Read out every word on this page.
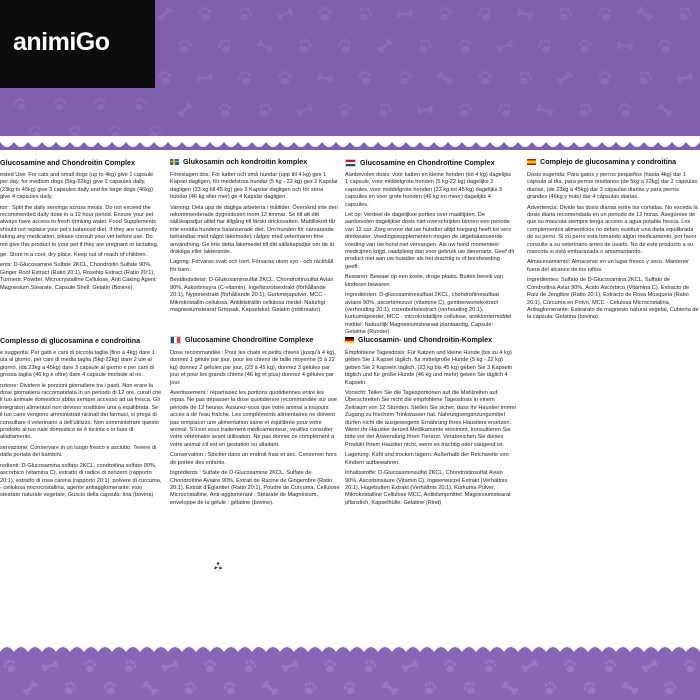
animiGo
Glucosamine and Chondroitin Complex	Glukosamin och kondroitin komplex	Glucosamine en Chondroïtine Complex	Complejo de glucosamina y condroitina

ested Use: For cats and small dogs (up to 4kg) give 1 capsule per day, for medium dogs (5kg-22kg) give 2 capsules daily, (23kg to 45kg) give 3 capsules daily and for large dogs (46kg) give 4 capsules daily.

ion : Split the daily servings across meals. Do not exceed the recommended daily dose in a 12 hour period. Ensure your pet always have access to fresh drinking water. Food Supplements should not replace your pet's balanced diet. If they are currently taking any medication, please consult your vet before use. Do not give this product to your pet if they are pregnant or lactating.

ge: Store in a cool, dry place. Keep out of reach of children.

ents: D-Glucosamine Sulfate 2KCL, Chondroitin Sulfate 90%, Ginger Root Extract (Ratio 20:1), Rosehip Extract (Ratio 20:1), Turmeric Powder, Microcrystalline Cellulose, Anti Caking Agent: Magnesium Stearate, Capsule Shell: Gelatin (Bovine).

Föreslagen dos: För katter och små hundar (upp till 4 kg) ges 1 Kapsel dagligen, för medelstora hundar (5 kg - 22 kg) ges 2 Kapslar dagligen (23 kg till 45 kg) ges 3 Kapslar dagligen och för stora hundar (46 kg eller mer) ge 4 Kapslar dagligen.

Varning: Dela upp de dagliga arbetena i måltider. Överskrid inte den rekommenderade dygnsdosen inom 12 timmar. Se till att ditt sällskapsdjur alltid har tillgång till färskt dricksvatten. Mattillskott får inte ersätta hundens balanserade diet. Om hunden för närvarande behandlas med något läkemedel, rådgör med veterinären före användning. Ge inte detta läkemedel till ditt sällskapsdjur om de är dräktiga eller lakterande.

Lagring: Förvaras svalt och torrt. Förvaras utom syn - och räckhåll för barn.

Beståndsdelar: D-Glukosaminsulfat 2KCL, Chondroitinsulfat Avian 90%, Askorbinsyra (C-vitamin), Ingefärsrotsextrakt (förhållande 20:1), Nyponextrakt (förhållande 20:1), Gurkmejapulver, MCC - Mikrokristallin cellulosa, Antiklistrállin cellulosa medel: Naturligt magnesiumstearat Grönsak, Kapselskal: Gelatin (nötkreatur)

Aanbevolen dosis: voor katten en kleine honden (tot 4 kg) dagelijks 1 capsule, voor middelgrote honden (5 kg-22 kg) dagelijks 2 capsules, voor middelgrote honden (23 kg tot 45 kg) dagelijks 3 capsules en voor grote honden (46 kg en meer) dagelijks 4 capsules.

Let op: Verdeel de dagelijkse porties over maaltijden. De aanbevolen dagelijkse dosis niet overschrijden binnen een periode van 12 uur. Zorg ervoor dat uw huisdier altijd toegang heeft tot vers drinkwater. Voedingssupplementen mogen de uitgebalanceerde voeding van uw hond niet vervangen. Als uw hond momenteel medicijnen krijgt, raadpleeg dan voor gebruik uw dierenarts. Geef dit product niet aan uw huisdier als het drachtig is of borstvoeding geeft.

Bewaren: Bewaar op een koele, droge plaats. Buiten bereik van kinderen bewaren.

Ingrediënten: D-glucosaminesulfaat 2KCL, chondroïtinesulfaat aviaire 90%, ascorbinezuur (vitamine C), gemberwortelextract (verhouding 20:1), rozenbottelextract (verhouding 20:1), kurkumapoeder, MCC - microkristallijne cellulose, antiklontermiddel middel: Natuurlijk Magnesiumstearaat plantaardig, Capsule: Gelatine (Runder)

Dosis sugerida: Para gatos y perros pequeños (hasta 4kg) dar 1 cápsula al día, para perros medianos (de 5kg a 22kg) dar 2 cápsulas diarias, (de 23kg a 45kg) dar 3 cápsulas diarias y para perros grandes (46kg y más) dar 4 cápsulas diarias.

Advertencia: Divide las dosis diarias entre las comidas. No exceda la dosis diaria recomendada en un periodo de 12 horas. Asegúrese de que su mascota siempre tenga acceso a agua potable fresca. Los complementos alimenticios no deben sustituir una dieta equilibrada de su perro. Si su perro está tomando algún medicamento, por favor consulte a su veterinario antes de usarlo. No dé este producto a su mascota si está embarazada o amamantando.

Almacenamiento: Almacenar en un lugar fresco y seco. Mantener fuera del alcance de los niños.

Ingredientes: Sulfato de D-Glucosamina 2KCL, Sulfato de Condroitina Aviar 90%, Ácido Ascórbico (Vitamina C), Extracto de Raíz de Jengibre (Ratio 20:1), Extracto de Rosa Mosqueta (Ratio 20:1), Cúrcuma en Polvo, MCC - Celulosa Microcristalina, Antiaglomerante: Estearato de magnesio natural vegetal, Cubierta de la cápsula: Gelatina (bovina)

Complesso di glucosamina e condroitina	Glucosamine Chondroïtine Complexe	Glucosamin- und Chondroitin-Komplex

e suggerita: Per gatti e cani di piccola taglia (fino a 4kg) dare 1 ula al giorno, per cani di media taglia (5kg-22kg) dare 2 ule al giorno, (da 23kg a 45kg) dare 3 capsule al giorno e per cani di grossa taglia (46 kg e oltre) dare 4 capsule morbide al no.

nzione: Dividere le porzioni giornaliere tra i pasti. Non erare la dose giornaliera raccomandata in un periodo di 12 ore. curati che il tuo animale domestico abbia sempre accesso ad ua fresca. Gli integratori alimentari non devono sostituire una a equilibrata. Se il tuo cane vengono amministrati nicinali dei farmaci, si prega di consultare il veterinario a dell'utilizzo. Non somministrare questo prodotto al tuo nale domestico se è incinta o in fase di allattamento.

servazione: Conservare in un luogo fresco e asciutto. Tenere di dalla portata dei bambini.

redienti: D-Glucosamina solfato 2KCL, condroitina solfato 90%, ascorbico (vitamina C), estratto di radice di zenzero (rapporto 20:1), estratto di rosa canina (rapporto 20:1), polvere di curcuma, - cellulosa microcristallina, agente antiagglomerante: esio stearato naturale vegetale, Guscio della capsula: tina (bovina)

Dose recommandée : Pour les chats et petits chiens (jusqu'à 4 kg), donnez 1 gélule par jour, pour les chiens de taille moyenne (5 à 22 kg) donnez 2 gélules par jour, (23 à 45 kg), donnez 3 gélules par jour et pour les grands chiens (46 kg et plus) donnez 4 gélules par jour.

Avertissement : répartissez les portions quotidiennes entre les repas. Ne pas dépasser la dose quotidienne recommandée sur une période de 12 heures. Assurez-vous que votre animal a toujours accès à de l'eau fraîche. Les compléments alimentaires ne doivent pas remplacer une alimentation saine et équilibrée pour votre animal. S'il est sous traitement médicamenteux, veuillez consulter votre vétérinaire avant utilisation. Ne pas donner ce complément à votre animal s'il est en gestation ou allaitant.

Conservation : Stocker dans un endroit frais et sec. Conserver hors de portée des enfants.

Ingrédients : Sulfate de D-Glucosamine 2KCL, Sulfate de Chondroïtine Aviaire 90%, Extrait de Racine de Gingembre (Ratio 20:1), Extrait d'Églantier (Ratio 20:1), Poudre de Curcuma, Cellulose Microcristalline, Anti-agglomérant : Stéarate de Magnésium, enveloppe de la gélule : gélatine (bovine).

Empfohlene Tagesdosis: Für Katzen und kleine Hunde (bis zu 4 kg) geben Sie 1 Kapsel täglich, für mittelgroße Hunde (5 kg - 22 kg) geben Sie 2 Kapseln täglich, (23 kg bis 45 kg) geben Sie 3 Kapseln täglich und für große Hunde (46 kg und mehr) geben Sie täglich 4 Kapseln.

Vorsicht: Teilen Sie die Tagesportionen auf die Mahlzeiten auf. Überschreiten Sie nicht die empfohlene Tagesdosis in einem Zeitraum von 12 Stunden. Stellen Sie sicher, dass Ihr Haustier immer Zugang zu frischem Trinkwasser hat. Nahrungsergänzungsmittel dürfen nicht die ausgewogene Ernährung Ihres Haustiers ersetzen. Wenn Ihr Haustier derzeit Medikamente einnimmt, konsultieren Sie bitte vor der Anwendung Ihren Tierarzt. Verabreichen Sie dieses Produkt Ihrem Haustier nicht, wenn es trächtig oder säugend ist.

Lagerung: Kühl und trocken lagern. Außerhalb der Reichweite von Kindern aufbewahren.

Inhaltsstoffe: D-Glucosaminsulfat 2KCL, Chondroitinsulfat Avian 90%, Ascorbinsäure (Vitamin C), Ingwerwurzel Extrakt (Verhältnis 20:1), Hagebutten Extrakt (Verhältnis 20:1), Kurkuma Pulver, Mikrokristalline Cellulose MCC, Antiklumpmittel: Magnesiumstearat pflanzlich, Kapselhülle: Gelatine (Rind)
